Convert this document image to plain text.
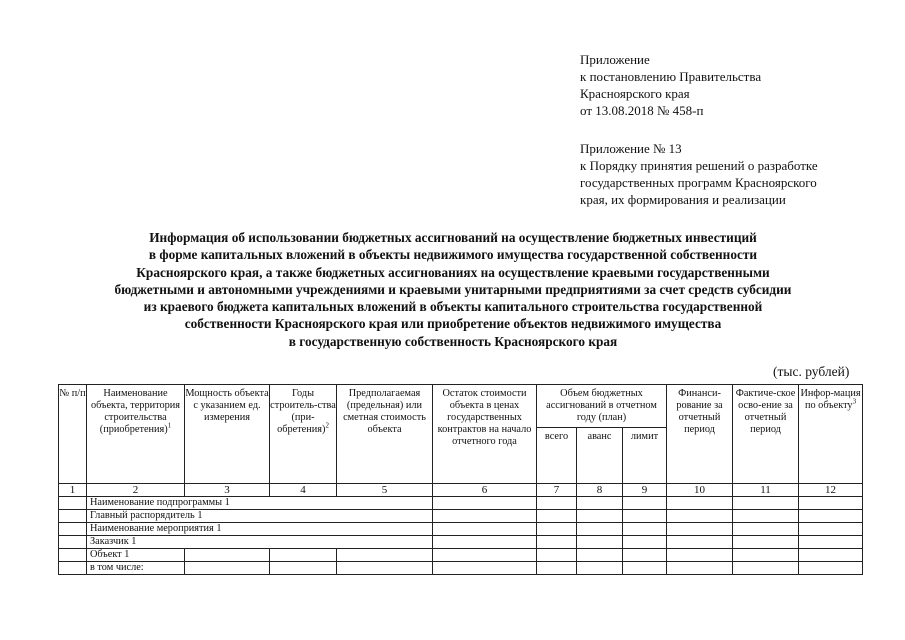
Приложение
к постановлению Правительства
Красноярского края
от 13.08.2018 № 458-п
Приложение № 13
к Порядку принятия решений о разработке
государственных программ Красноярского
края, их формирования и реализации
Информация об использовании бюджетных ассигнований на осуществление бюджетных инвестиций
в форме капитальных вложений в объекты недвижимого имущества государственной собственности
Красноярского края, а также бюджетных ассигнованиях на осуществление краевыми государственными
бюджетными и автономными учреждениями и краевыми унитарными предприятиями за счет средств субсидии
из краевого бюджета капитальных вложений в объекты капитального строительства государственной
собственности Красноярского края или приобретение объектов недвижимого имущества
в государственную собственность Красноярского края
(тыс. рублей)
№ п/п	Наименование объекта, территория строительства (приобретения)$^1$	Мощность объекта с указанием ед. измерения	Годы строитель-ства (при-обретения)$^2$	Предполагаемая (предельная) или сметная стоимость объекта	Остаток стоимости объекта в ценах государственных контрактов на начало отчетного года	Объем бюджетных ассигнований в отчетном году (план)			Финанси-рование за отчетный период	Фактиче-ское осво-ение за отчетный период	Инфор-мация по объекту$^3$
						всего	аванс	лимит			
1	2	3	4	5	6	7	8	9	10	11	12
	Наименование подпрограммы 1										
	Главный распорядитель 1										
	Наименование мероприятия 1										
	Заказчик 1										
	Объект 1										
	в том числе:										
